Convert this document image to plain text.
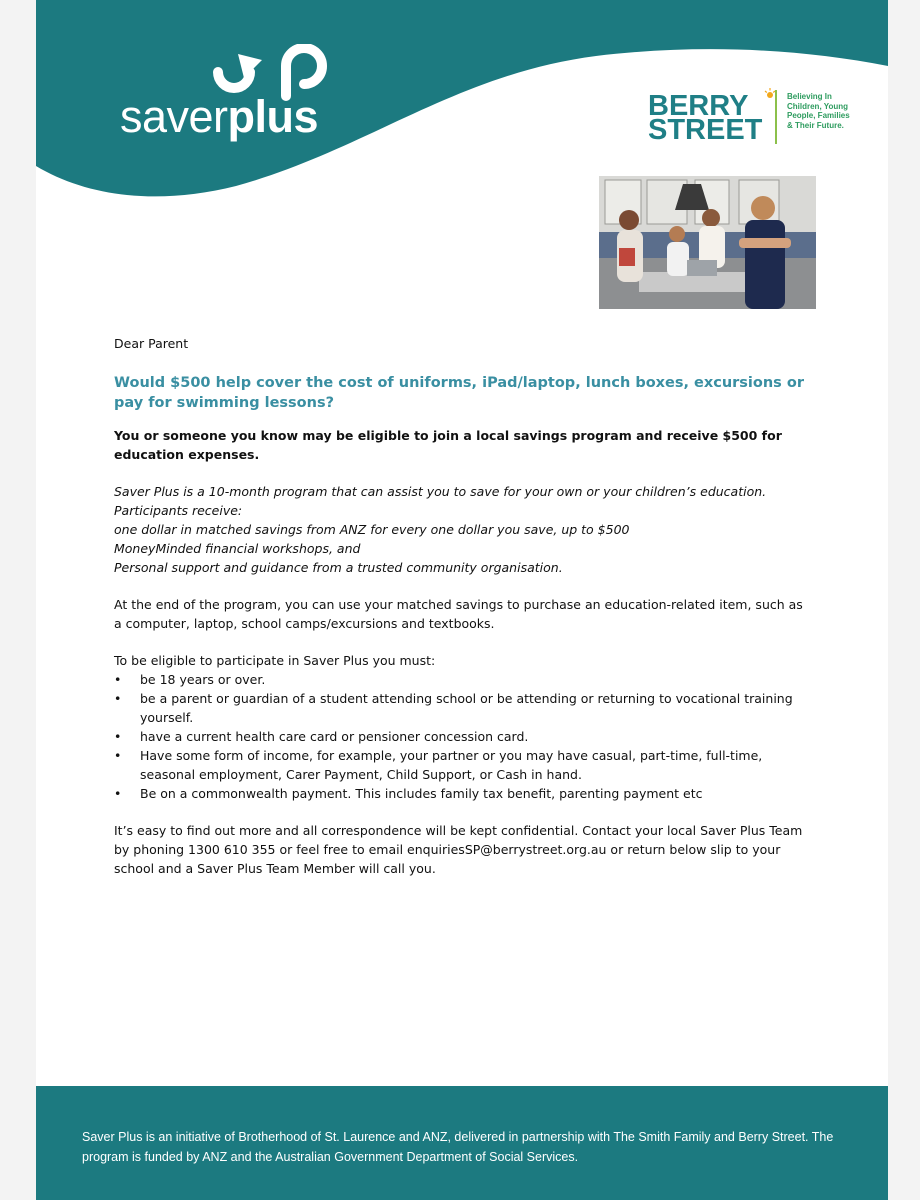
saverplus	BERRY
STREET
Believing In Children, Young People, Families & Their Future.

Dear Parent

Would $500 help cover the cost of uniforms, iPad/laptop, lunch boxes, excursions or pay for swimming lessons?

You or someone you know may be eligible to join a local savings program and receive $500 for education expenses.

Saver Plus is a 10-month program that can assist you to save for your own or your children’s education.

Participants receive:

one dollar in matched savings from ANZ for every one dollar you save, up to $500

MoneyMinded financial workshops, and

Personal support and guidance from a trusted community organisation.

At the end of the program, you can use your matched savings to purchase an education-related item, such as a computer, laptop, school camps/excursions and textbooks.

To be eligible to participate in Saver Plus you must:

• be 18 years or over.
• be a parent or guardian of a student attending school or be attending or returning to vocational training yourself.
• have a current health care card or pensioner concession card.
• Have some form of income, for example, your partner or you may have casual, part-time, full-time, seasonal employment, Carer Payment, Child Support, or Cash in hand.
• Be on a commonwealth payment. This includes family tax benefit, parenting payment etc

It’s easy to find out more and all correspondence will be kept confidential. Contact your local Saver Plus Team by phoning 1300 610 355 or feel free to email enquiriesSP@berrystreet.org.au or return below slip to your school and a Saver Plus Team Member will call you.

Saver Plus is an initiative of Brotherhood of St. Laurence and ANZ, delivered in partnership with The Smith Family and Berry Street. The program is funded by ANZ and the Australian Government Department of Social Services.
